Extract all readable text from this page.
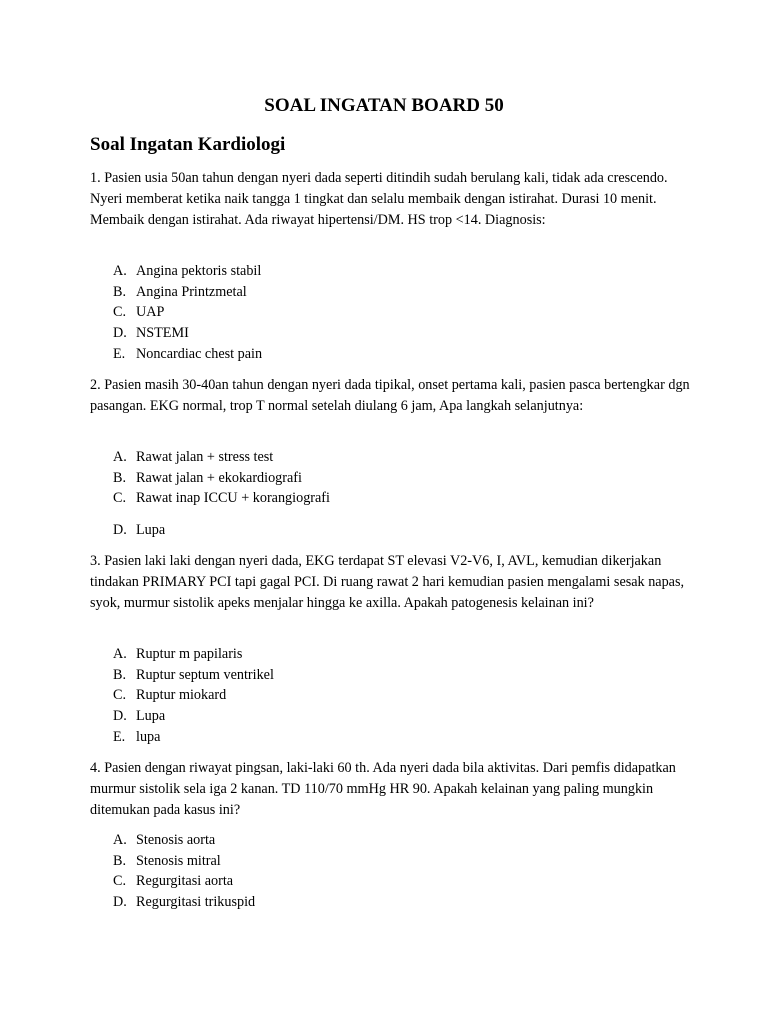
SOAL INGATAN BOARD 50
Soal Ingatan Kardiologi
1. Pasien usia 50an tahun dengan nyeri dada seperti ditindih sudah berulang kali, tidak ada crescendo. Nyeri memberat ketika naik tangga 1 tingkat dan selalu membaik dengan istirahat. Durasi 10 menit. Membaik dengan istirahat. Ada riwayat hipertensi/DM. HS trop <14. Diagnosis:
A. Angina pektoris stabil
B. Angina Printzmetal
C. UAP
D. NSTEMI
E. Noncardiac chest pain
2. Pasien masih 30-40an tahun dengan nyeri dada tipikal, onset pertama kali, pasien pasca bertengkar dgn pasangan. EKG normal, trop T normal setelah diulang 6 jam, Apa langkah selanjutnya:
A. Rawat jalan + stress test
B. Rawat jalan + ekokardiografi
C. Rawat inap ICCU + korangiografi
D. Lupa
3. Pasien laki laki dengan nyeri dada, EKG terdapat ST elevasi V2-V6, I, AVL, kemudian dikerjakan tindakan PRIMARY PCI tapi gagal PCI. Di ruang rawat 2 hari kemudian pasien mengalami sesak napas, syok, murmur sistolik apeks menjalar hingga ke axilla. Apakah patogenesis kelainan ini?
A. Ruptur m papilaris
B. Ruptur septum ventrikel
C. Ruptur miokard
D. Lupa
E. lupa
4. Pasien dengan riwayat pingsan, laki-laki 60 th. Ada nyeri dada bila aktivitas. Dari pemfis didapatkan murmur sistolik sela iga 2 kanan. TD 110/70 mmHg HR 90. Apakah kelainan yang paling mungkin ditemukan pada kasus ini?
A. Stenosis aorta
B. Stenosis mitral
C. Regurgitasi aorta
D. Regurgitasi trikuspid
